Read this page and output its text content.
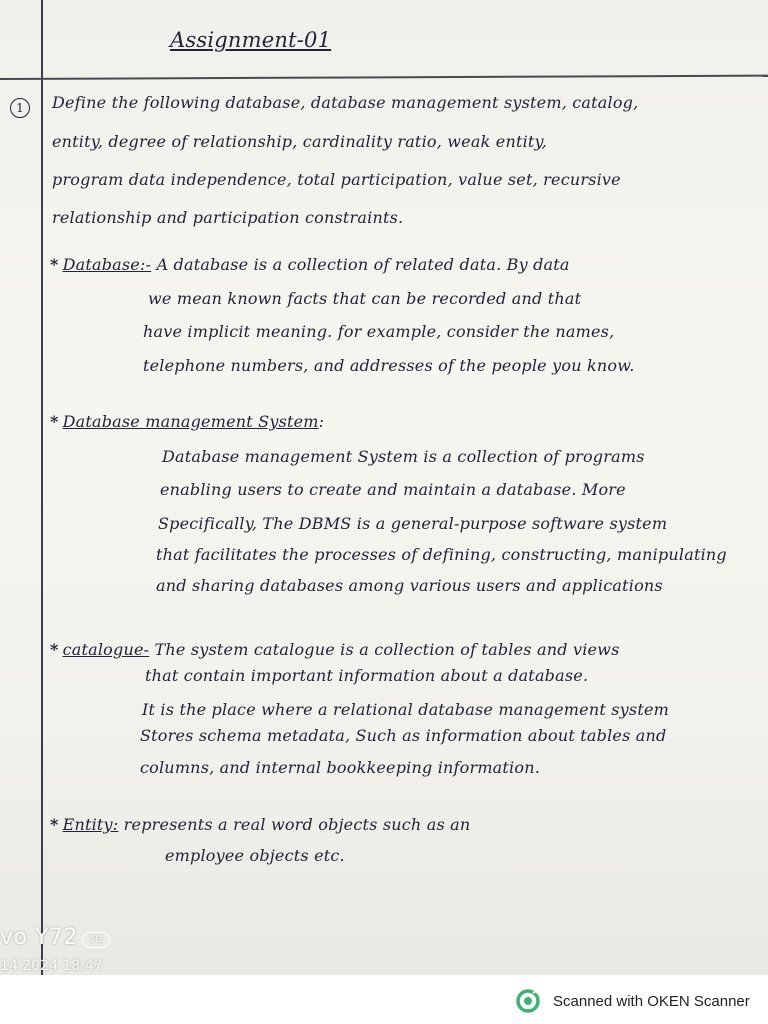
Assignment-01
1	Define the following database, database management system, catalog,
entity, degree of relationship, cardinality ratio, weak entity,
program data independence, total participation, value set, recursive
relationship and participation constraints.
* Database:- A database is a collection of related data. By data
we mean known facts that can be recorded and that
have implicit meaning. for example, consider the names,
telephone numbers, and addresses of the people you know.
* Database management System:
Database management System is a collection of programs
enabling users to create and maintain a database. More
Specifically, The DBMS is a general-purpose software system
that facilitates the processes of defining, constructing, manipulating
and sharing databases among various users and applications
* catalogue- The system catalogue is a collection of tables and views
that contain important information about a database.
It is the place where a relational database management system
Stores schema metadata, Such as information about tables and
columns, and internal bookkeeping information.
* Entity: represents a real word objects such as an
employee objects etc.
vo Y72 5G
14 2024 18:47
Scanned with OKEN Scanner
